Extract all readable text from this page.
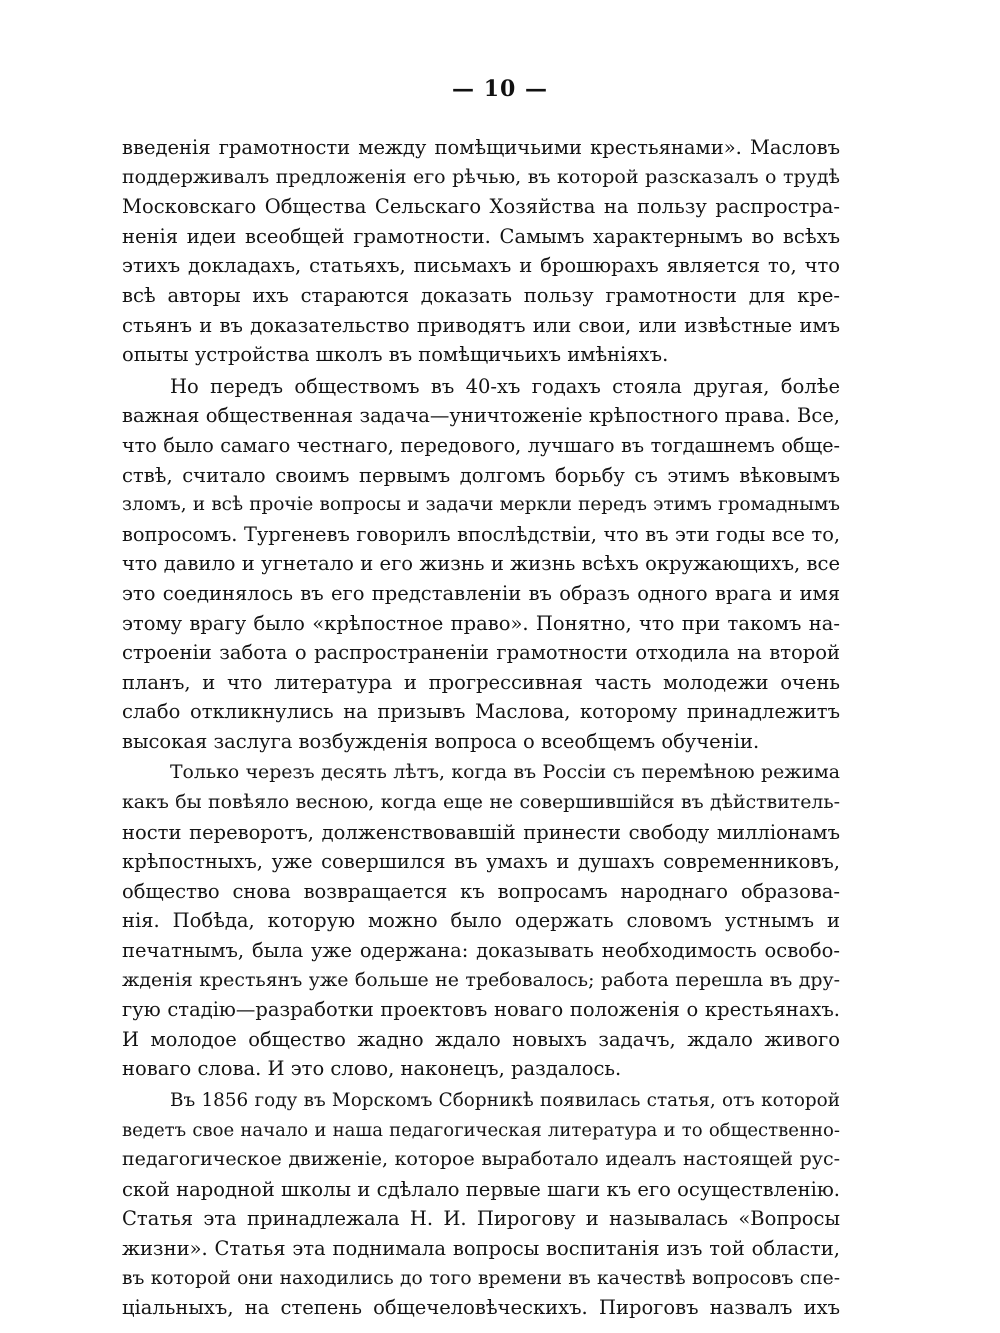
— 10 —
введенія грамотности между помѣщичьими крестьянами». Масловъ
поддерживалъ предложенія его рѣчью, въ которой разсказалъ о трудѣ
Московскаго Общества Сельскаго Хозяйства на пользу распростра-
ненія идеи всеобщей грамотности. Самымъ характернымъ во всѣхъ
этихъ докладахъ, статьяхъ, письмахъ и брошюрахъ является то, что
всѣ авторы ихъ стараются доказать пользу грамотности для кре-
стьянъ и въ доказательство приводятъ или свои, или извѣстные имъ
опыты устройства школъ въ помѣщичьихъ имѣніяхъ.
Но передъ обществомъ въ 40-хъ годахъ стояла другая, болѣе
важная общественная задача—уничтоженіе крѣпостного права. Все,
что было самаго честнаго, передового, лучшаго въ тогдашнемъ обще-
ствѣ, считало своимъ первымъ долгомъ борьбу съ этимъ вѣковымъ
зломъ, и всѣ прочіе вопросы и задачи меркли передъ этимъ громаднымъ
вопросомъ. Тургеневъ говорилъ впослѣдствіи, что въ эти годы все то,
что давило и угнетало и его жизнь и жизнь всѣхъ окружающихъ, все
это соединялось въ его представленіи въ образъ одного врага и имя
этому врагу было «крѣпостное право». Понятно, что при такомъ на-
строеніи забота о распространеніи грамотности отходила на второй
планъ, и что литература и прогрессивная часть молодежи очень
слабо откликнулись на призывъ Маслова, которому принадлежитъ
высокая заслуга возбужденія вопроса о всеобщемъ обученіи.
Только черезъ десять лѣтъ, когда въ Россіи съ перемѣною режима
какъ бы повѣяло весною, когда еще не совершившійся въ дѣйствитель-
ности переворотъ, долженствовавшій принести свободу милліонамъ
крѣпостныхъ, уже совершился въ умахъ и душахъ современниковъ,
общество снова возвращается къ вопросамъ народнаго образова-
нія. Побѣда, которую можно было одержать словомъ устнымъ и
печатнымъ, была уже одержана: доказывать необходимость освобо-
жденія крестьянъ уже больше не требовалось; работа перешла въ дру-
гую стадію—разработки проектовъ новаго положенія о крестьянахъ.
И молодое общество жадно ждало новыхъ задачъ, ждало живого
новаго слова. И это слово, наконецъ, раздалось.
Въ 1856 году въ Морскомъ Сборникѣ появилась статья, отъ которой
ведетъ свое начало и наша педагогическая литература и то общественно-
педагогическое движеніе, которое выработало идеалъ настоящей рус-
ской народной школы и сдѣлало первые шаги къ его осуществленію.
Статья эта принадлежала Н. И. Пирогову и называлась «Вопросы
жизни». Статья эта поднимала вопросы воспитанія изъ той области,
въ которой они находились до того времени въ качествѣ вопросовъ спе-
ціальныхъ, на степень общечеловѣческихъ. Пироговъ назвалъ ихъ
